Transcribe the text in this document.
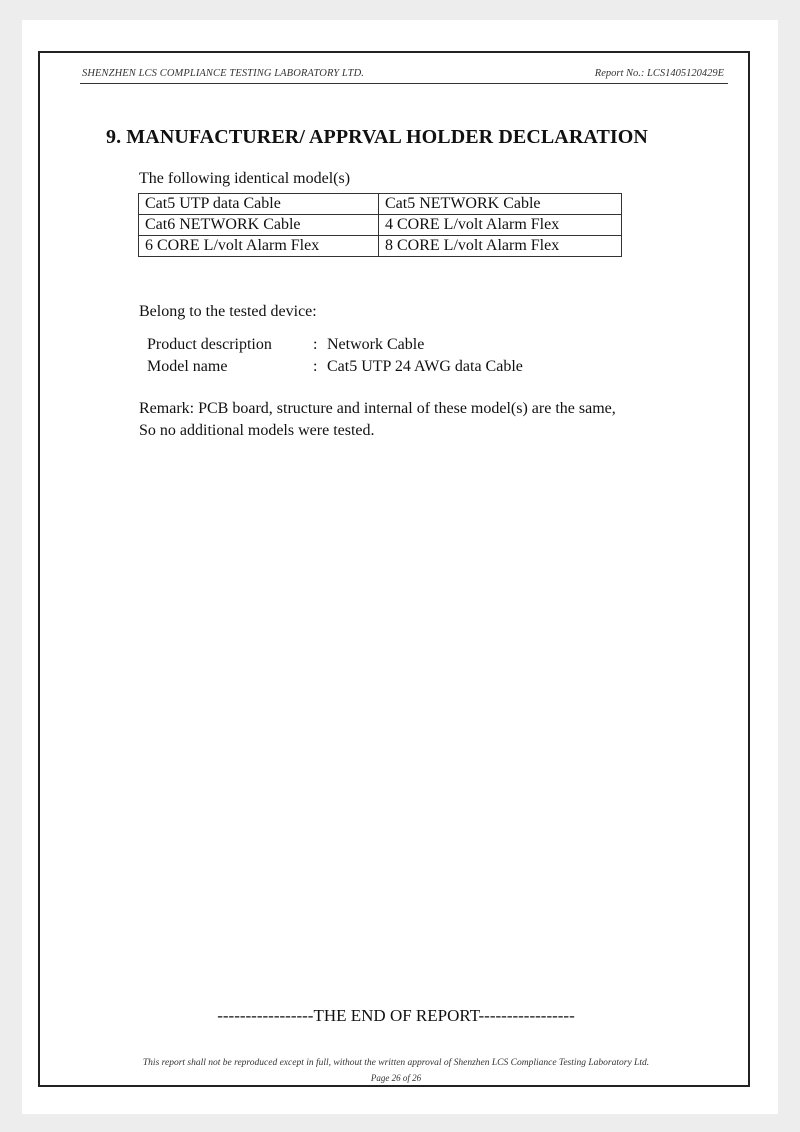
SHENZHEN LCS COMPLIANCE TESTING LABORATORY LTD.	Report No.: LCS1405120429E
9. MANUFACTURER/ APPRVAL HOLDER DECLARATION
The following identical model(s)
Cat5 UTP data Cable	Cat5 NETWORK Cable
Cat6 NETWORK Cable	4 CORE L/volt Alarm Flex
6 CORE L/volt Alarm Flex	8 CORE L/volt Alarm Flex
Belong to the tested device:
Product description	: Network Cable
Model name	: Cat5 UTP 24 AWG data Cable
Remark: PCB board, structure and internal of these model(s) are the same,
So no additional models were tested.
-----------------THE END OF REPORT-----------------
This report shall not be reproduced except in full, without the written approval of Shenzhen LCS Compliance Testing Laboratory Ltd.
Page 26 of 26
